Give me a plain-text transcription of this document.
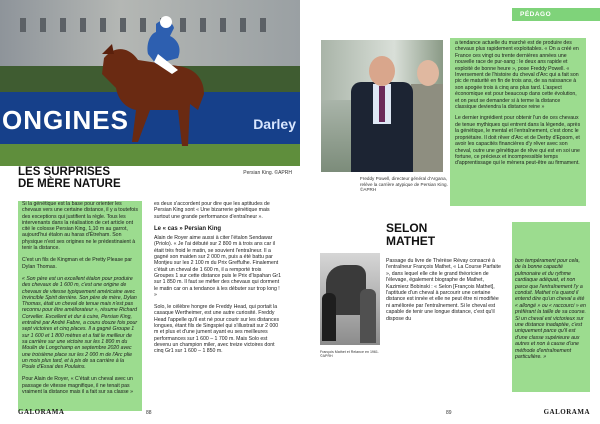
ONGINES	Darley
Persian King. ©APRH
LES SURPRISES
DE MÈRE NATURE

Si la génétique est la base pour orienter les chevaux vers une certaine distance, il y a toutefois des exceptions qui justifient la règle. Tous les intervenants dans la réalisation de cet article ont cité le colosse Persian King, 1,10 m au garrot, aujourd'hui étalon au haras d'Étreham. Son physique n'est ses origines ne le prédestinaient à tenir la distance.

C'est un fils de Kingman et de Pretty Please par Dylan Thomas.

« Son père est un excellent étalon pour produire des chevaux de 1 600 m, c'est une origine de chevaux de vitesse typiquement américaine avec Invincible Spirit derrière. Son père de mère, Dylan Thomas, était un cheval de tenue mais n'est pas reconnu pour être améliorateur », résume Richard Corveller. Excellent et dur à cuire, Persian King, entraîné par André Fabre, a couru douze fois pour sept victoires et cinq places. Il a gagné Groupe 1 sur 1 600 et 1 800 mètres et a fait le meilleur de sa carrière sur une victoire sur les 1 800 m du Moulin de Longchamp en septembre 2020 avec une troisième place sur les 2 000 m de l'Arc plie un mois plus tard, et à pis de sa carrière à la Poule d'Essai des Poulains.

Pour Alain de Royer, « C'était un cheval avec un passage de vitesse magnifique, il ne tenait pas vraiment la distance mais il a fait sur sa classe »

es deux s'accordent pour dire que les aptitudes de Persian King sont « Une bizarrerie génétique mais surtout une grande performance d'entraîneur ».

Le « cas » Persian King

Alain de Royer aime aussi à citer l'étalon Sendawar (Priolo). « Je l'ai débuté sur 2 800 m à trois ans car il était très froid le matin, se souvient l'entraîneur. Il a gagné son maiden sur 2 000 m, puis a été battu par Montjeu sur les 2 100 m du Prix Greffulhe. Finalement c'était un cheval de 1 600 m, il a remporté trois Groupes 1 sur cette distance puis le Prix d'Ispahan Gr1 sur 1 850 m. Il faut se méfier des chevaux qui dorment le matin car on a tendance à les débuter sur trop long ! »

Solo, le célèbre hongre de Freddy Head, qui portait la casaque Wertheimer, est une autre curiosité. Freddy Head l'appelle qu'il est né pour courir sur les distances longues, étant fils de Singspiel qui s'illustrait sur 2 000 m et plus et d'une jument ayant eu ses meilleures performances sur 1 600 – 1 700 m. Mais Solo est devenu un champion miler, avec treize victoires dont cinq Gr1 sur 1 600 – 1 850 m.

GALORAMA	88
PÉDAGO
Freddy Powell, directeur général d'Argana, relève la carrière atypique de Persian King. ©APRH

a tendance actuelle du marché est de produire des chevaux plus rapidement exploitables. « On a créé en France ces vingt ou trente dernières années une nouvelle race de pur-sang : le deux ans rapide et exploité de bonne heure », pose Freddy Powell. « Inversement de l'histoire du cheval d'Arc qui a fait son pic de maturité en fin de trois ans, de sa naissance à son apogée trois à cinq ans plus tard. L'aspect économique est pour beaucoup dans cette évolution, et on peut se demander si à terme la distance classique deviendra la distance reine »

Le dernier ingrédient pour obtenir l'un de ces chevaux de tenue mythiques qui entrent dans la légende, après la génétique, le mental et l'entraînement, c'est donc le propriétaire. Il doit rêver d'Arc et de Derby d'Epsom, et avoir les capacités financières d'y rêver avec son cheval, outre une génétique de rêve qui est en soi une fortune, ce précieux et incompressible temps d'apprentissage qui le mènera peut-être au firmament.

SELON
MATHET
François Mathet et Relance en 1961. ©APRH

Passage du livre de Thérèse Révay consacré à l'entraîneur François Mathet, « La Course Parfaite », dans lequel elle cite le grand théoricien de l'élevage, également biographe de Mathet, Kazimierz Bobinski : « Selon [François Mathet], l'aptitude d'un cheval à parcourir une certaine distance est innée et elle ne peut être ni modifiée ni améliorée par l'entraînement. Si le cheval est capable de tenir une longue distance, c'est qu'il dispose du

bon tempérament pour cela, de la bonne capacité pulmonaire et du rythme cardiaque adéquat, et non parce que l'entraînement l'y a conduit. Mathet n'a quand il entend dire qu'un cheval a été « allongé » ou « raccourci » en préférant la taille de sa course. Si un cheval est victorieux sur une distance inadaptée, c'est uniquement parce qu'il est d'une classe supérieure aux autres et non à cause d'une méthode d'entraînement particulière. »

89	GALORAMA
